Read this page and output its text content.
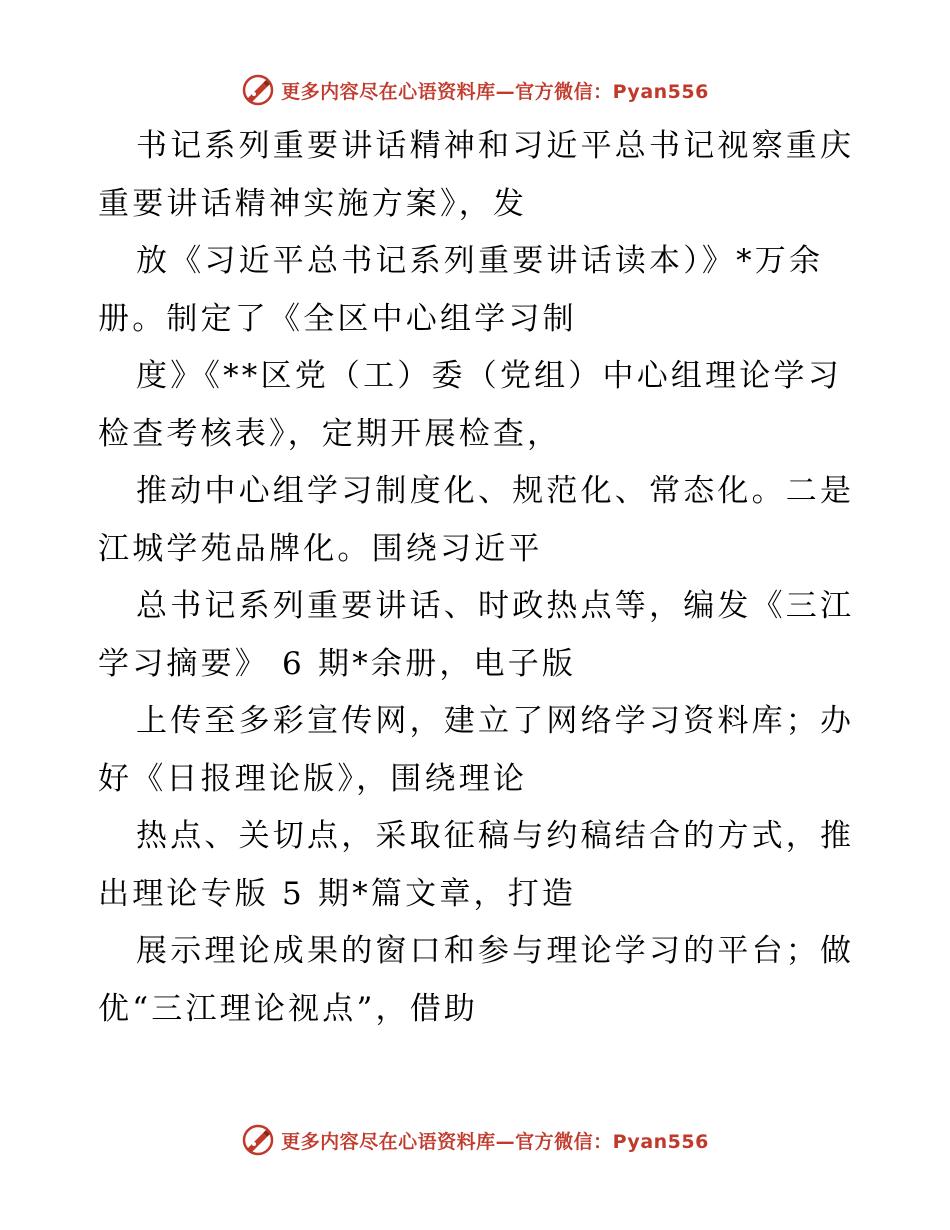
更多内容尽在心语资料库—官方微信：Pyan556
书记系列重要讲话精神和习近平总书记视察重庆
重要讲话精神实施方案》，发
放《习近平总书记系列重要讲话读本）》*万余
册。制定了《全区中心组学习制
度》《**区党（工）委（党组）中心组理论学习
检查考核表》，定期开展检查，
推动中心组学习制度化、规范化、常态化。二是
江城学苑品牌化。围绕习近平
总书记系列重要讲话、时政热点等，编发《三江
学习摘要》 6 期*余册，电子版
上传至多彩宣传网，建立了网络学习资料库；办
好《日报理论版》，围绕理论
热点、关切点，采取征稿与约稿结合的方式，推
出理论专版 5 期*篇文章，打造
展示理论成果的窗口和参与理论学习的平台；做
优“三江理论视点”，借助
更多内容尽在心语资料库—官方微信：Pyan556
